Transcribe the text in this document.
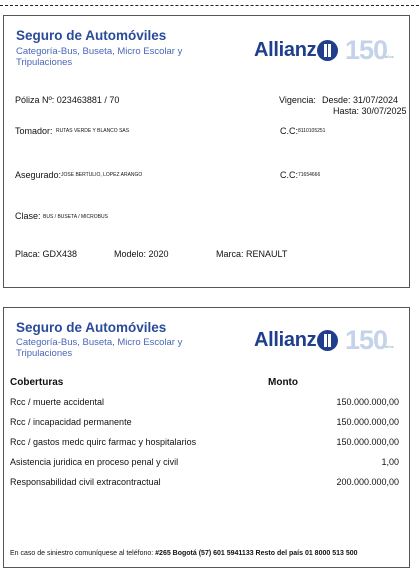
Seguro de Automóviles
Categoría-Bus, Buseta, Micro Escolar y Tripulaciones
Allianz 150
años
Póliza Nº: 023463881 / 70	Vigencia: Desde: 31/07/2024
Hasta: 30/07/2025
Tomador: RUTAS VERDE Y BLANCO SAS	C.C: 8110105251
Asegurado: JOSE BERTULIO, LOPEZ ARANGO	C.C: 71654666
Clase: BUS / BUSETA / MICROBUS
Placa: GDX438	Modelo: 2020	Marca: RENAULT
Seguro de Automóviles
Categoría-Bus, Buseta, Micro Escolar y Tripulaciones
Allianz 150
años
Coberturas	Monto
Rcc / muerte accidental	150.000.000,00
Rcc / incapacidad permanente	150.000.000,00
Rcc / gastos medc quirc farmac y hospitalarios	150.000.000,00
Asistencia juridica en proceso penal y civil	1,00
Responsabilidad civil extracontractual	200.000.000,00
En caso de siniestro comuníquese al teléfono: #265 Bogotá (57) 601 5941133 Resto del país 01 8000 513 500
